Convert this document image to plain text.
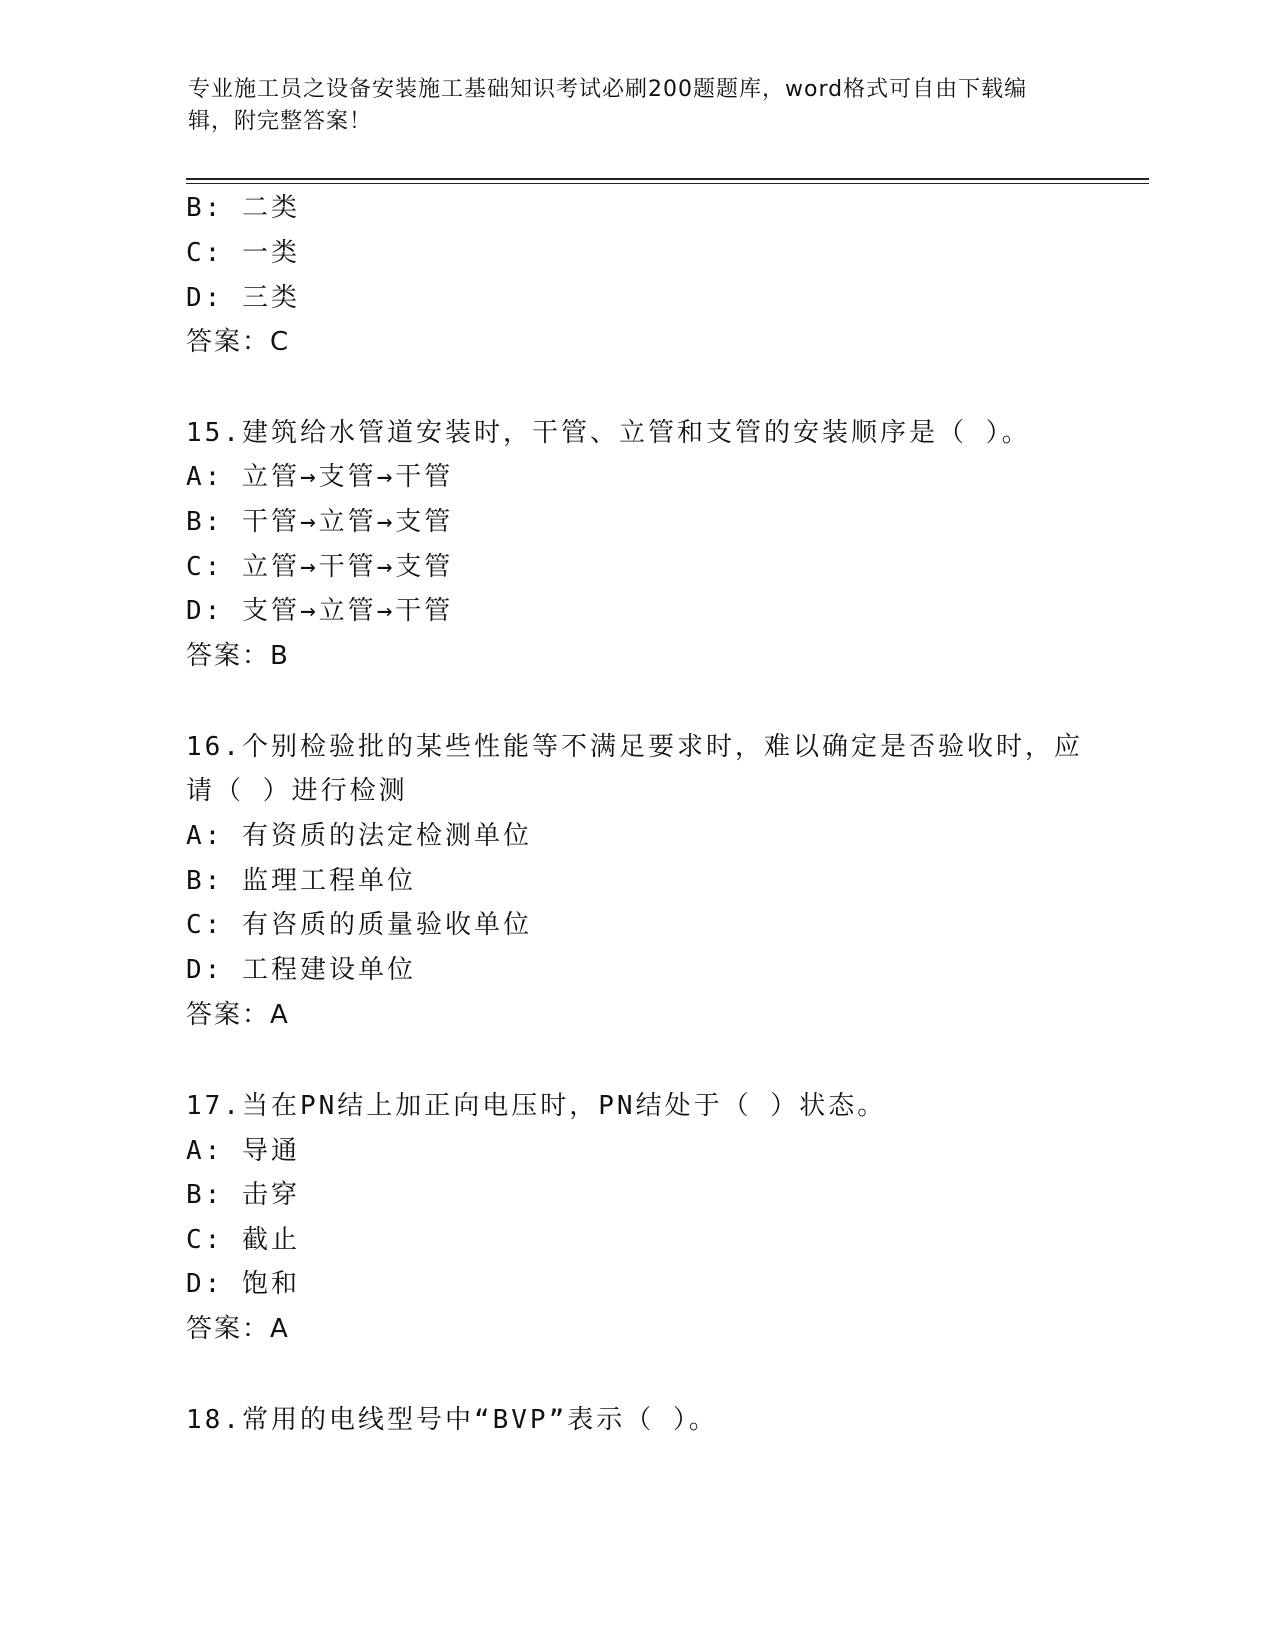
专业施工员之设备安装施工基础知识考试必刷200题题库，word格式可自由下载编辑，附完整答案！
B: 二类
C: 一类
D: 三类
答案：C
15.建筑给水管道安装时，干管、立管和支管的安装顺序是（ ）。
A: 立管→支管→干管
B: 干管→立管→支管
C: 立管→干管→支管
D: 支管→立管→干管
答案：B
16.个别检验批的某些性能等不满足要求时，难以确定是否验收时，应
请（ ）进行检测
A: 有资质的法定检测单位
B: 监理工程单位
C: 有咨质的质量验收单位
D: 工程建设单位
答案：A
17.当在PN结上加正向电压时，PN结处于（ ）状态。
A: 导通
B: 击穿
C: 截止
D: 饱和
答案：A
18.常用的电线型号中“BVP”表示（ ）。
